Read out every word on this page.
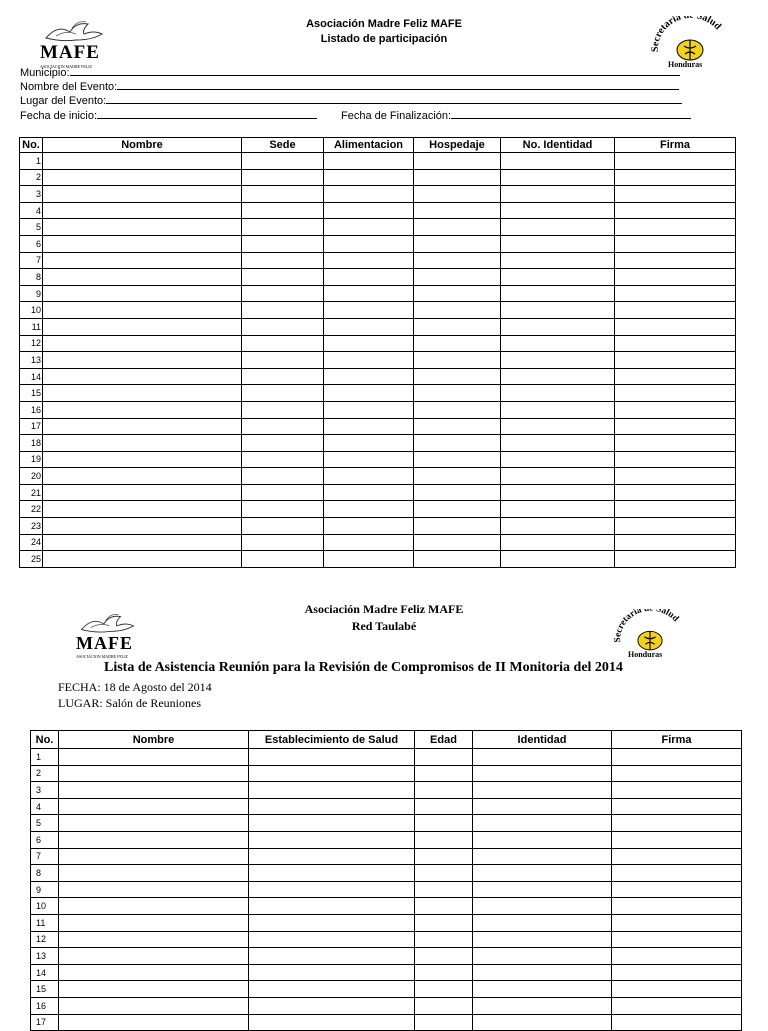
MAFE
ASOCIACION MADRE FELIZ
Asociación Madre Feliz MAFE
Listado de participación
Secretaria Salud
Honduras
Municipio:
Nombre del Evento:
Lugar del Evento:
Fecha de inicio:	Fecha de Finalización:
No.	Nombre	Sede	Alimentacion	Hospedaje	No. Identidad	Firma
1						
2						
3						
4						
5						
6						
7						
8						
9						
10						
11						
12						
13						
14						
15						
16						
17						
18						
19						
20						
21						
22						
23						
24						
25						
MAFE
ASOCIACION MADRE FELIZ
Asociación Madre Feliz MAFE
Red Taulabé
Secretaria d Salud
Honduras
Lista de Asistencia Reunión para la Revisión de Compromisos de II Monitoria del 2014
FECHA: 18 de Agosto del 2014
LUGAR: Salón de Reuniones
No.	Nombre	Establecimiento de Salud	Edad	Identidad	Firma
1					
2					
3					
4					
5					
6					
7					
8					
9					
10					
11					
12					
13					
14					
15					
16					
17					
